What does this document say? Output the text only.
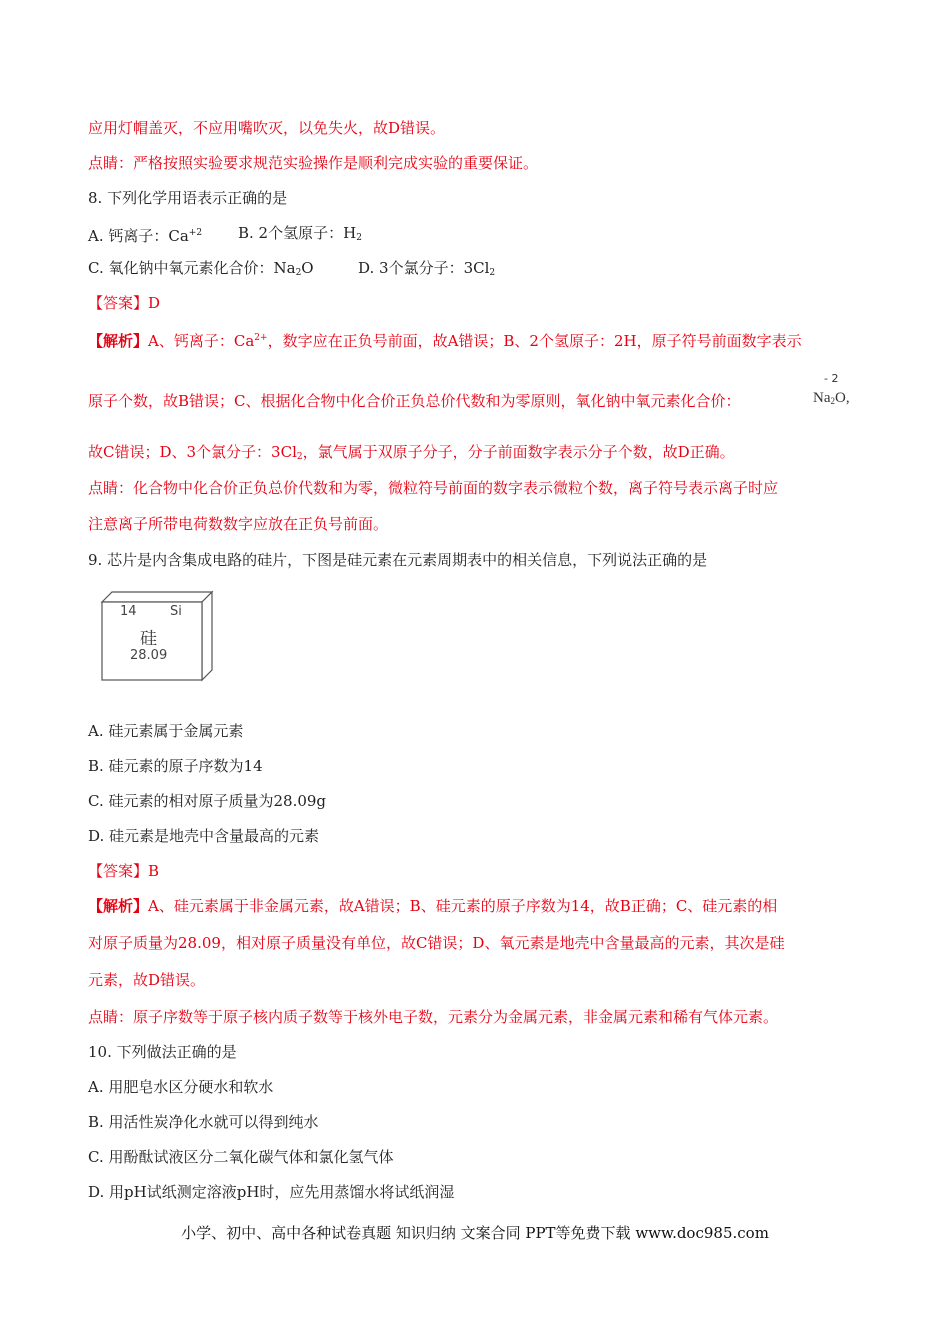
应用灯帽盖灭，不应用嘴吹灭，以免失火，故D错误。
点睛：严格按照实验要求规范实验操作是顺利完成实验的重要保证。
8. 下列化学用语表示正确的是
A. 钙离子：$Ca^{+2}$ B. 2个氢原子：$H_2$
C. 氧化钠中氧元素化合价：$Na_2O$	D. 3个氯分子：$3Cl_2$
【答案】D
【解析】A、钙离子：$Ca^{2+}$，数字应在正负号前面，故A错误；B、2个氢原子：2H，原子符号前面数字表示
原子个数，故B错误；C、根据化合物中化合价正负总价代数和为零原则，氧化钠中氧元素化合价：
- 2
$Na_2O$,
故C错误；D、3个氯分子：$3Cl_2$，氯气属于双原子分子，分子前面数字表示分子个数，故D正确。
点睛：化合物中化合价正负总价代数和为零，微粒符号前面的数字表示微粒个数，离子符号表示离子时应
注意离子所带电荷数数字应放在正负号前面。
9. 芯片是内含集成电路的硅片，下图是硅元素在元素周期表中的相关信息，下列说法正确的是
14	Si
硅
28.09
A. 硅元素属于金属元素
B. 硅元素的原子序数为14
C. 硅元素的相对原子质量为28.09g
D. 硅元素是地壳中含量最高的元素
【答案】B
【解析】A、硅元素属于非金属元素，故A错误；B、硅元素的原子序数为14，故B正确；C、硅元素的相
对原子质量为28.09，相对原子质量没有单位，故C错误；D、氧元素是地壳中含量最高的元素，其次是硅
元素，故D错误。
点睛：原子序数等于原子核内质子数等于核外电子数，元素分为金属元素，非金属元素和稀有气体元素。
10. 下列做法正确的是
A. 用肥皂水区分硬水和软水
B. 用活性炭净化水就可以得到纯水
C. 用酚酞试液区分二氧化碳气体和氯化氢气体
D. 用pH试纸测定溶液pH时，应先用蒸馏水将试纸润湿
小学、初中、高中各种试卷真题 知识归纳 文案合同 PPT等免费下载 www.doc985.com
